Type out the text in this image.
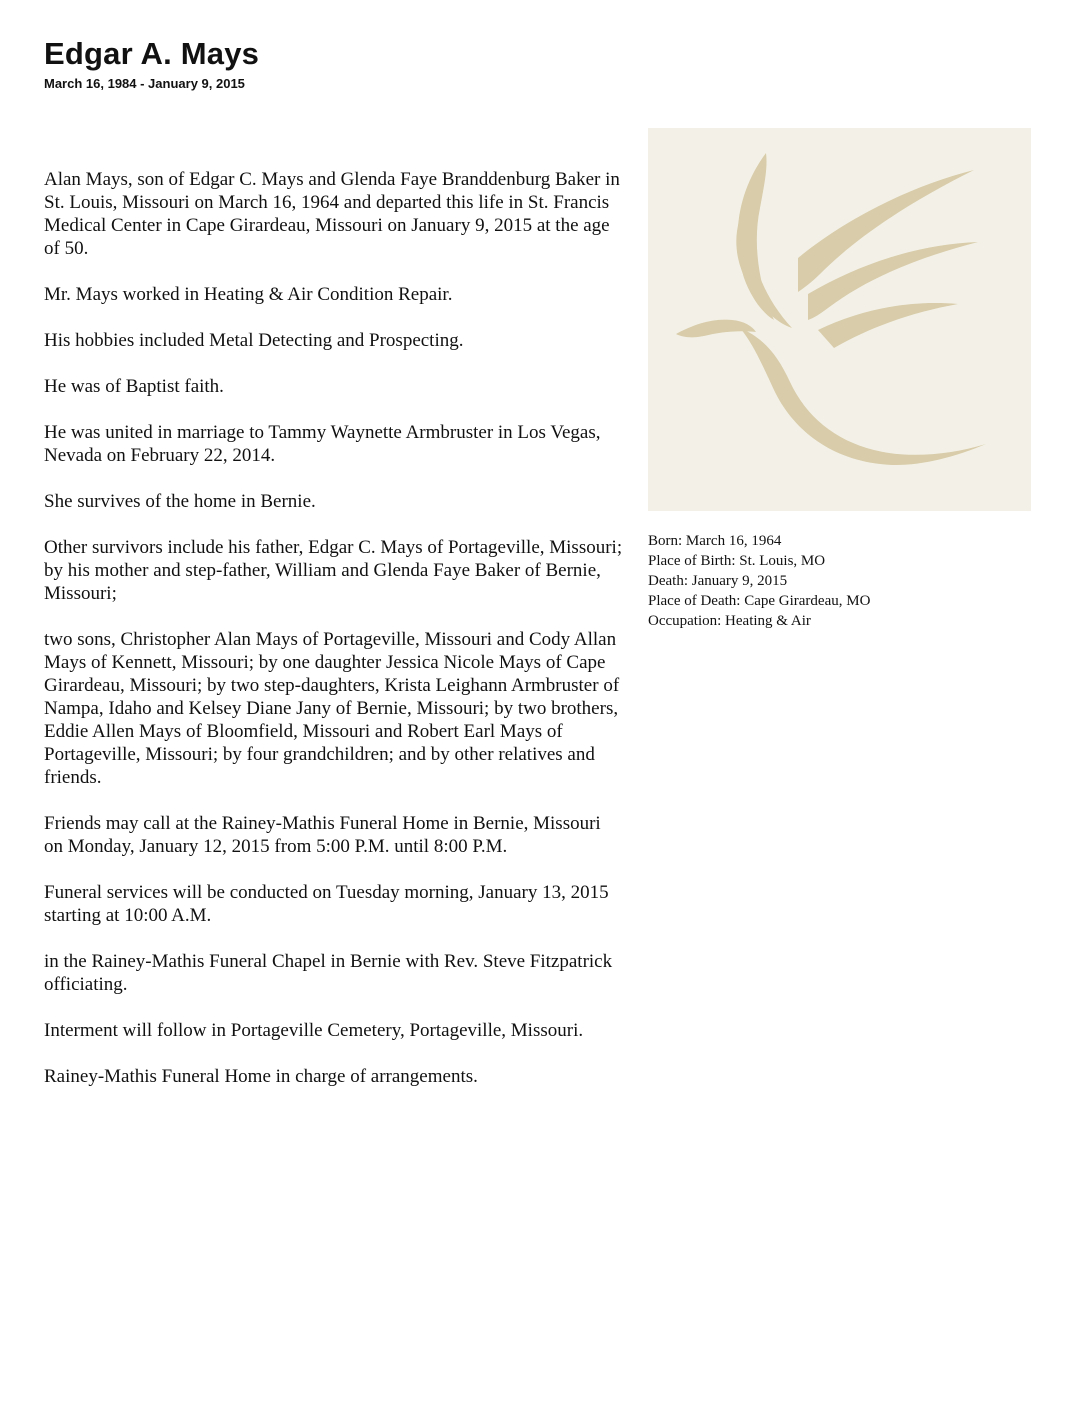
Edgar A. Mays
March 16, 1984 - January 9, 2015

Alan Mays, son of Edgar C. Mays and Glenda Faye Branddenburg Baker in St. Louis, Missouri on March 16, 1964 and departed this life in St. Francis Medical Center in Cape Girardeau, Missouri on January 9, 2015 at the age of 50.

Mr. Mays worked in Heating & Air Condition Repair.

His hobbies included Metal Detecting and Prospecting.

He was of Baptist faith.

He was united in marriage to Tammy Waynette Armbruster in Los Vegas, Nevada on February 22, 2014.

She survives of the home in Bernie.

Other survivors include his father, Edgar C. Mays of Portageville, Missouri; by his mother and step-father, William and Glenda Faye Baker of Bernie, Missouri;

two sons, Christopher Alan Mays of Portageville, Missouri and Cody Allan Mays of Kennett, Missouri; by one daughter Jessica Nicole Mays of Cape Girardeau, Missouri; by two step-daughters, Krista Leighann Armbruster of Nampa, Idaho and Kelsey Diane Jany of Bernie, Missouri; by two brothers, Eddie Allen Mays of Bloomfield, Missouri and Robert Earl Mays of Portageville, Missouri; by four grandchildren; and by other relatives and friends.

Friends may call at the Rainey-Mathis Funeral Home in Bernie, Missouri on Monday, January 12, 2015 from 5:00 P.M. until 8:00 P.M.

Funeral services will be conducted on Tuesday morning, January 13, 2015 starting at 10:00 A.M.

in the Rainey-Mathis Funeral Chapel in Bernie with Rev. Steve Fitzpatrick officiating.

Interment will follow in Portageville Cemetery, Portageville, Missouri.

Rainey-Mathis Funeral Home in charge of arrangements.

Born: March 16, 1964
Place of Birth: St. Louis, MO
Death: January 9, 2015
Place of Death: Cape Girardeau, MO
Occupation: Heating & Air
